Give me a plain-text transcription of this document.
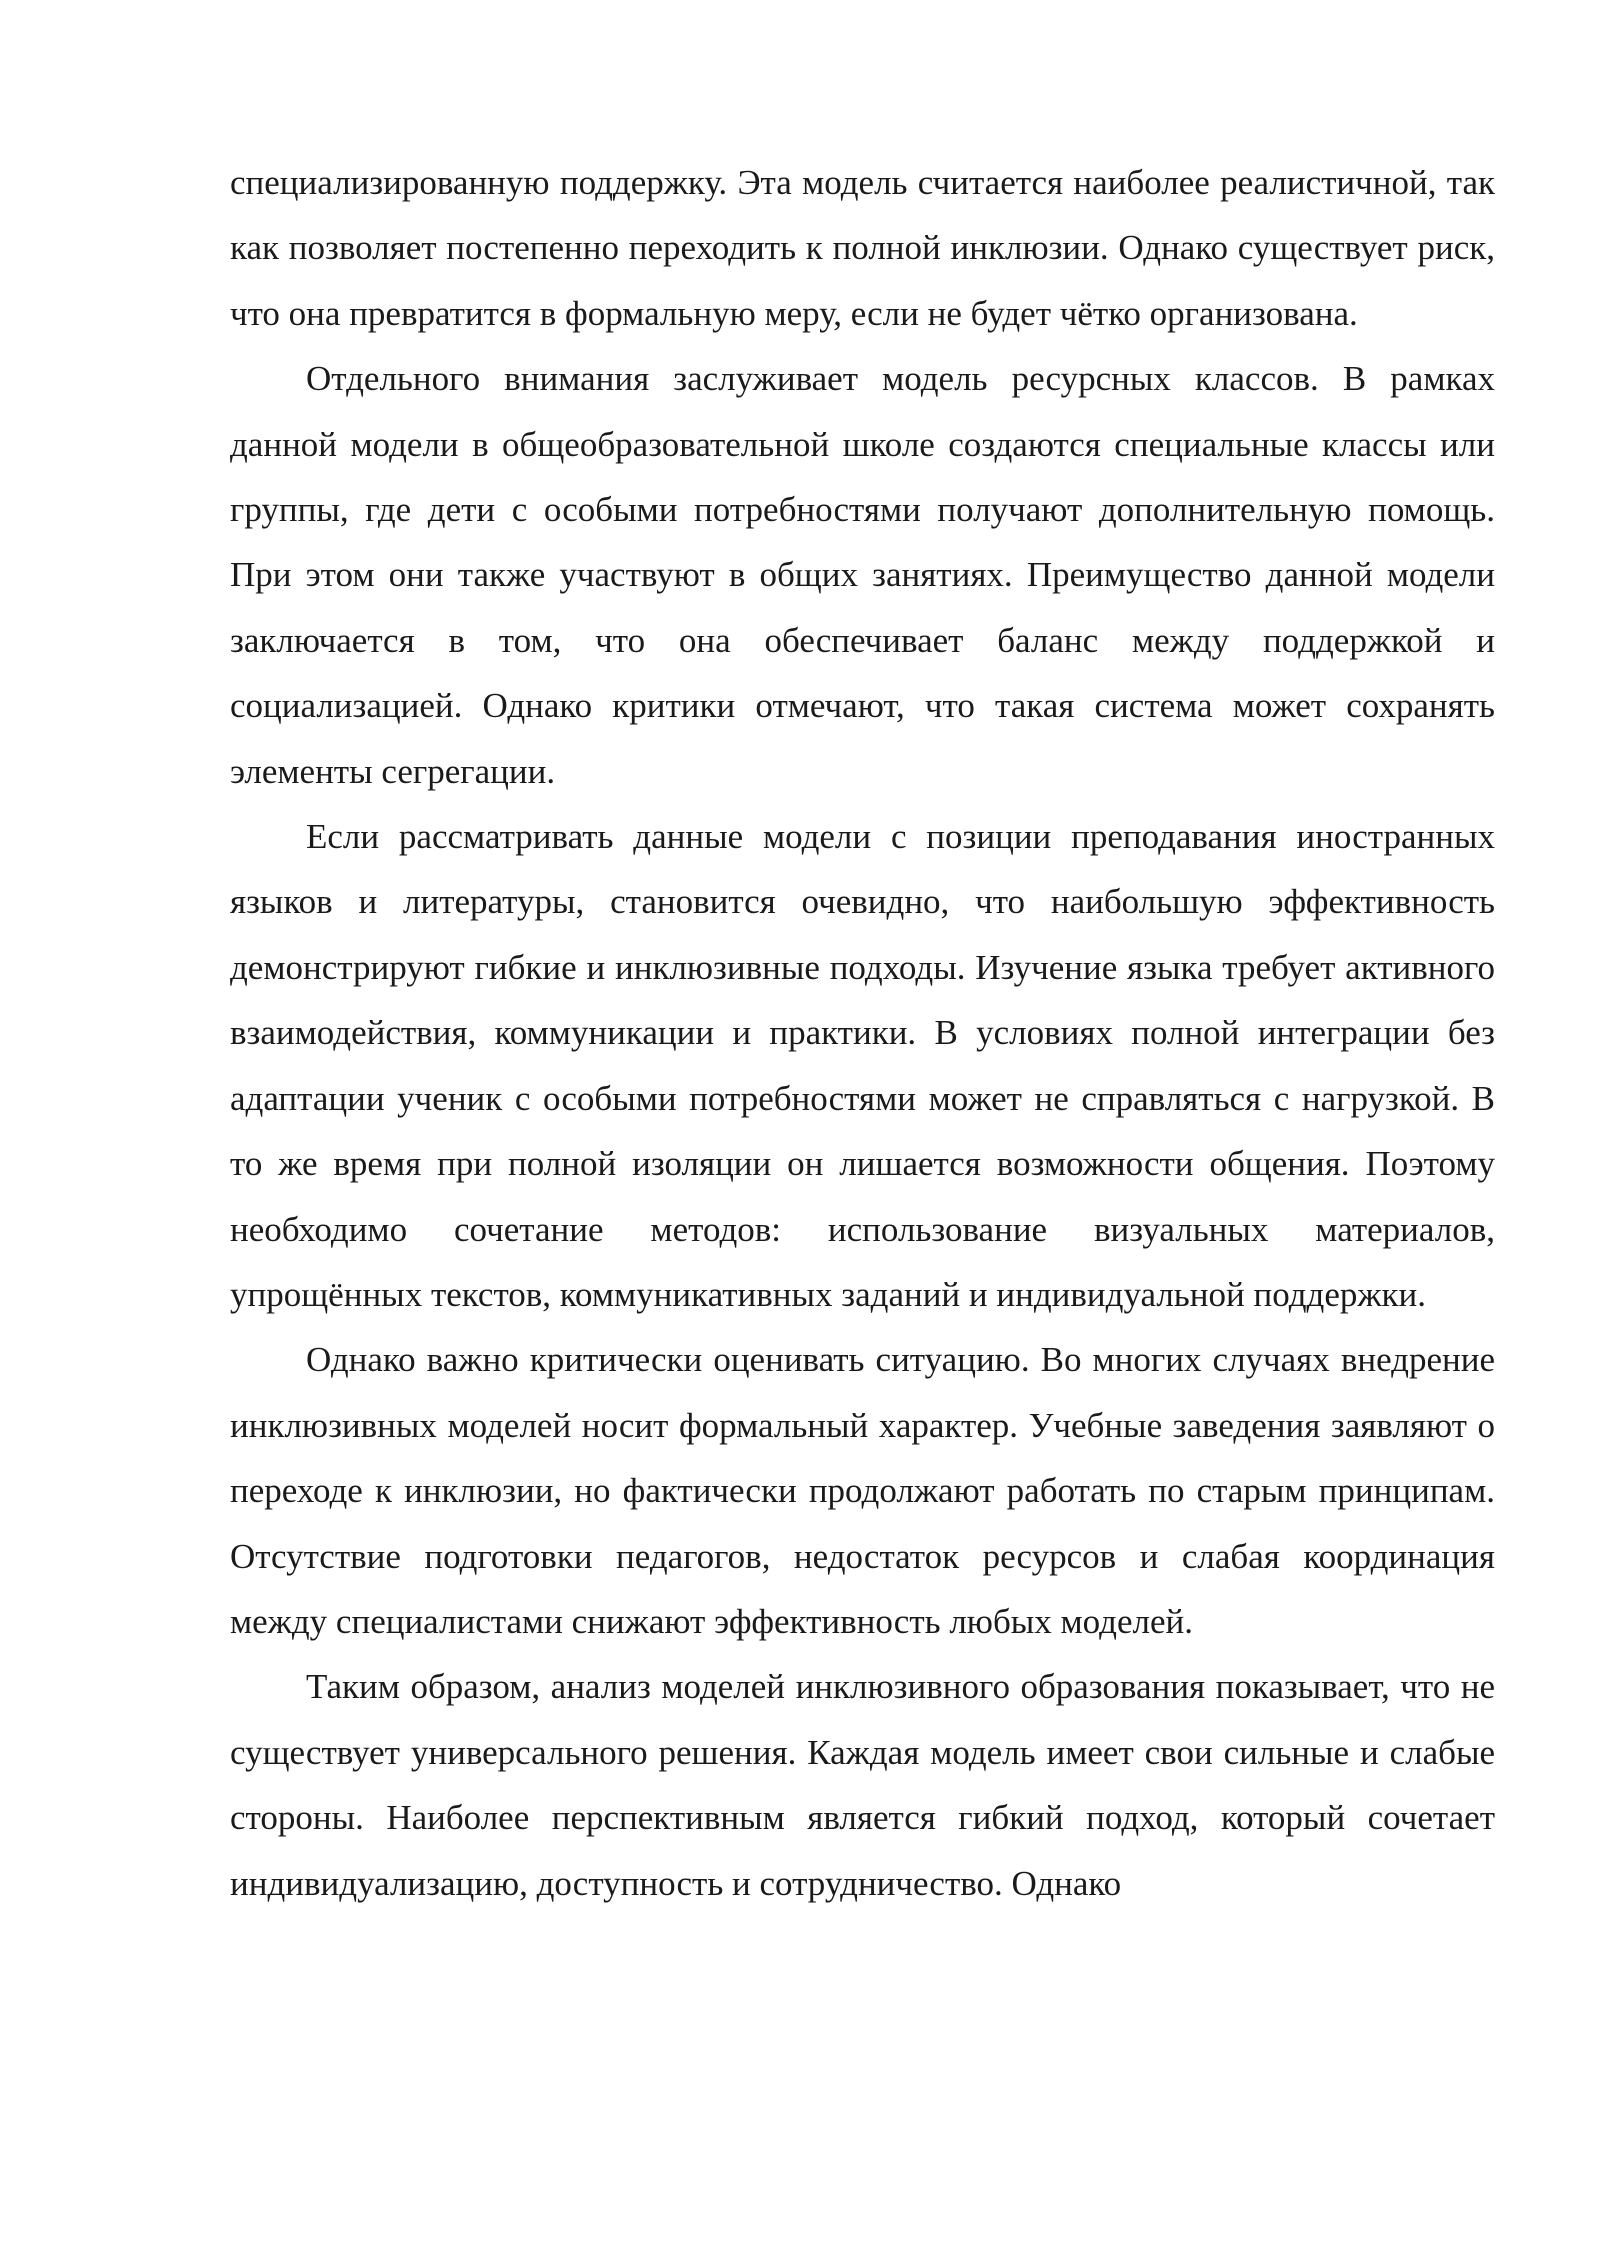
специализированную поддержку. Эта модель считается наиболее реалистичной, так как позволяет постепенно переходить к полной инклюзии. Однако существует риск, что она превратится в формальную меру, если не будет чётко организована.

Отдельного внимания заслуживает модель ресурсных классов. В рамках данной модели в общеобразовательной школе создаются специальные классы или группы, где дети с особыми потребностями получают дополнительную помощь. При этом они также участвуют в общих занятиях. Преимущество данной модели заключается в том, что она обеспечивает баланс между поддержкой и социализацией. Однако критики отмечают, что такая система может сохранять элементы сегрегации.

Если рассматривать данные модели с позиции преподавания иностранных языков и литературы, становится очевидно, что наибольшую эффективность демонстрируют гибкие и инклюзивные подходы. Изучение языка требует активного взаимодействия, коммуникации и практики. В условиях полной интеграции без адаптации ученик с особыми потребностями может не справляться с нагрузкой. В то же время при полной изоляции он лишается возможности общения. Поэтому необходимо сочетание методов: использование визуальных материалов, упрощённых текстов, коммуникативных заданий и индивидуальной поддержки.

Однако важно критически оценивать ситуацию. Во многих случаях внедрение инклюзивных моделей носит формальный характер. Учебные заведения заявляют о переходе к инклюзии, но фактически продолжают работать по старым принципам. Отсутствие подготовки педагогов, недостаток ресурсов и слабая координация между специалистами снижают эффективность любых моделей.

Таким образом, анализ моделей инклюзивного образования показывает, что не существует универсального решения. Каждая модель имеет свои сильные и слабые стороны. Наиболее перспективным является гибкий подход, который сочетает индивидуализацию, доступность и сотрудничество. Однако
